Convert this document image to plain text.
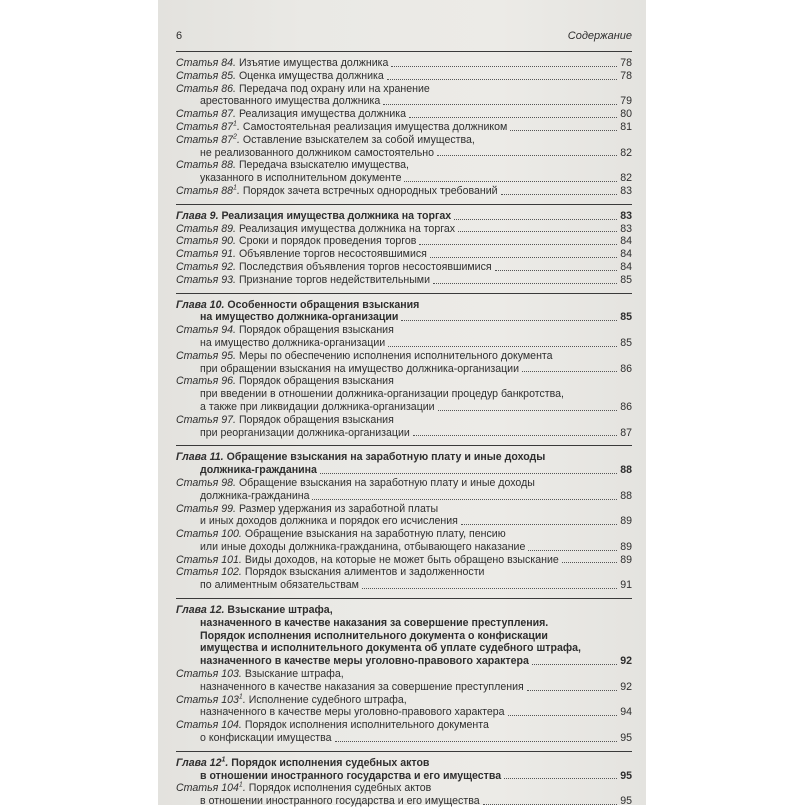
6	Содержание
Статья 84. Изъятие имущества должника	78
Статья 85. Оценка имущества должника	78
Статья 86. Передача под охрану или на хранение
арестованного имущества должника	79
Статья 87. Реализация имущества должника	80
Статья $87^1$. Самостоятельная реализация имущества должником	81
Статья $87^2$. Оставление взыскателем за собой имущества,
не реализованного должником самостоятельно	82
Статья 88. Передача взыскателю имущества,
указанного в исполнительном документе	82
Статья $88^1$. Порядок зачета встречных однородных требований	83
Глава 9. Реализация имущества должника на торгах	83
Статья 89. Реализация имущества должника на торгах	83
Статья 90. Сроки и порядок проведения торгов	84
Статья 91. Объявление торгов несостоявшимися	84
Статья 92. Последствия объявления торгов несостоявшимися	84
Статья 93. Признание торгов недействительными	85
Глава 10. Особенности обращения взыскания
на имущество должника-организации	85
Статья 94. Порядок обращения взыскания
на имущество должника-организации	85
Статья 95. Меры по обеспечению исполнения исполнительного документа
при обращении взыскания на имущество должника-организации	86
Статья 96. Порядок обращения взыскания
при введении в отношении должника-организации процедур банкротства,
а также при ликвидации должника-организации	86
Статья 97. Порядок обращения взыскания
при реорганизации должника-организации	87
Глава 11. Обращение взыскания на заработную плату и иные доходы
должника-гражданина	88
Статья 98. Обращение взыскания на заработную плату и иные доходы
должника-гражданина	88
Статья 99. Размер удержания из заработной платы
и иных доходов должника и порядок его исчисления	89
Статья 100. Обращение взыскания на заработную плату, пенсию
или иные доходы должника-гражданина, отбывающего наказание	89
Статья 101. Виды доходов, на которые не может быть обращено взыскание	89
Статья 102. Порядок взыскания алиментов и задолженности
по алиментным обязательствам	91
Глава 12. Взыскание штрафа,
назначенного в качестве наказания за совершение преступления.
Порядок исполнения исполнительного документа о конфискации
имущества и исполнительного документа об уплате судебного штрафа,
назначенного в качестве меры уголовно-правового характера	92
Статья 103. Взыскание штрафа,
назначенного в качестве наказания за совершение преступления	92
Статья $103^1$. Исполнение судебного штрафа,
назначенного в качестве меры уголовно-правового характера	94
Статья 104. Порядок исполнения исполнительного документа
о конфискации имущества	95
Глава $12^1$. Порядок исполнения судебных актов
в отношении иностранного государства и его имущества	95
Статья $104^1$. Порядок исполнения судебных актов
в отношении иностранного государства и его имущества	95
